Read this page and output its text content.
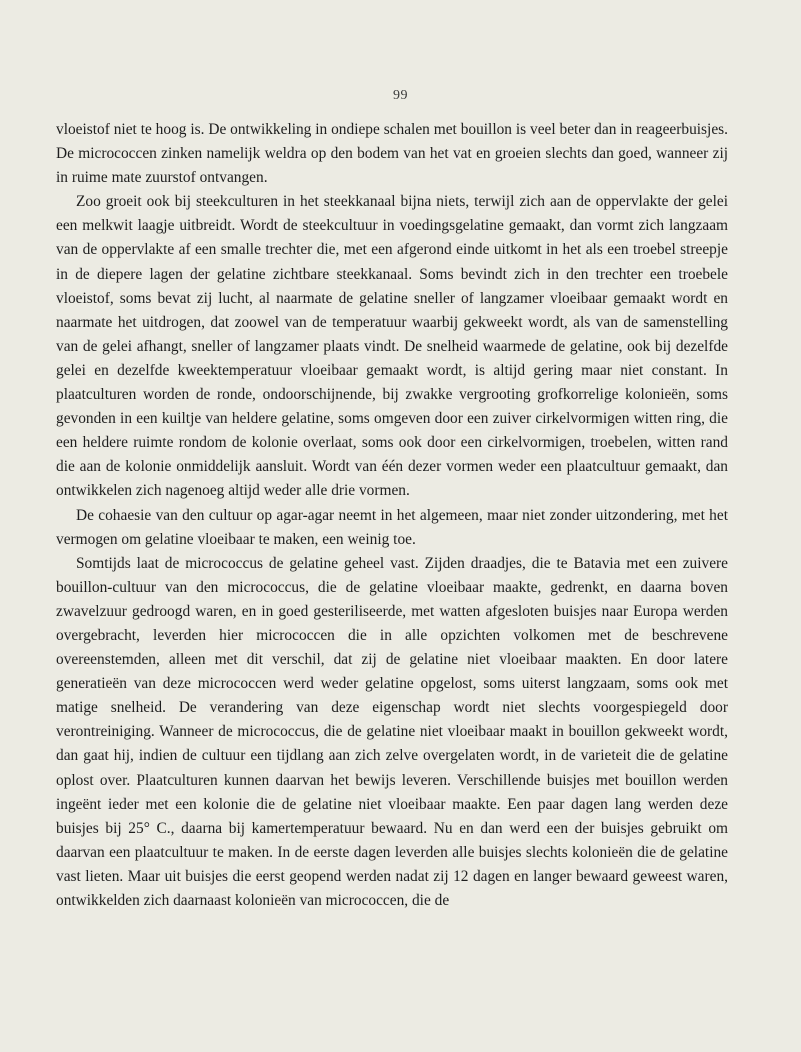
99

vloeistof niet te hoog is. De ontwikkeling in ondiepe schalen met bouillon is veel beter dan in reageerbuisjes. De micrococcen zinken namelijk weldra op den bodem van het vat en groeien slechts dan goed, wanneer zij in ruime mate zuurstof ontvangen.

Zoo groeit ook bij steekculturen in het steekkanaal bijna niets, terwijl zich aan de oppervlakte der gelei een melkwit laagje uitbreidt. Wordt de steekcultuur in voedingsgelatine gemaakt, dan vormt zich langzaam van de oppervlakte af een smalle trechter die, met een afgerond einde uitkomt in het als een troebel streepje in de diepere lagen der gelatine zichtbare steekkanaal. Soms bevindt zich in den trechter een troebele vloeistof, soms bevat zij lucht, al naarmate de gelatine sneller of langzamer vloeibaar gemaakt wordt en naarmate het uitdrogen, dat zoowel van de temperatuur waarbij gekweekt wordt, als van de samenstelling van de gelei afhangt, sneller of langzamer plaats vindt. De snelheid waarmede de gelatine, ook bij dezelfde gelei en dezelfde kweektemperatuur vloeibaar gemaakt wordt, is altijd gering maar niet constant. In plaatculturen worden de ronde, ondoorschijnende, bij zwakke vergrooting grofkorrelige kolonieën, soms gevonden in een kuiltje van heldere gelatine, soms omgeven door een zuiver cirkelvormigen witten ring, die een heldere ruimte rondom de kolonie overlaat, soms ook door een cirkelvormigen, troebelen, witten rand die aan de kolonie onmiddelijk aansluit. Wordt van één dezer vormen weder een plaatcultuur gemaakt, dan ontwikkelen zich nagenoeg altijd weder alle drie vormen.

De cohaesie van den cultuur op agar-agar neemt in het algemeen, maar niet zonder uitzondering, met het vermogen om gelatine vloeibaar te maken, een weinig toe.

Somtijds laat de micrococcus de gelatine geheel vast. Zijden draadjes, die te Batavia met een zuivere bouillon-cultuur van den micrococcus, die de gelatine vloeibaar maakte, gedrenkt, en daarna boven zwavelzuur gedroogd waren, en in goed gesteriliseerde, met watten afgesloten buisjes naar Europa werden overgebracht, leverden hier micrococcen die in alle opzichten volkomen met de beschrevene overeenstemden, alleen met dit verschil, dat zij de gelatine niet vloeibaar maakten. En door latere generatieën van deze micrococcen werd weder gelatine opgelost, soms uiterst langzaam, soms ook met matige snelheid. De verandering van deze eigenschap wordt niet slechts voorgespiegeld door verontreiniging. Wanneer de micrococcus, die de gelatine niet vloeibaar maakt in bouillon gekweekt wordt, dan gaat hij, indien de cultuur een tijdlang aan zich zelve overgelaten wordt, in de varieteit die de gelatine oplost over. Plaatculturen kunnen daarvan het bewijs leveren. Verschillende buisjes met bouillon werden ingeënt ieder met een kolonie die de gelatine niet vloeibaar maakte. Een paar dagen lang werden deze buisjes bij 25° C., daarna bij kamertemperatuur bewaard. Nu en dan werd een der buisjes gebruikt om daarvan een plaatcultuur te maken. In de eerste dagen leverden alle buisjes slechts kolonieën die de gelatine vast lieten. Maar uit buisjes die eerst geopend werden nadat zij 12 dagen en langer bewaard geweest waren, ontwikkelden zich daarnaast kolonieën van micrococcen, die de
